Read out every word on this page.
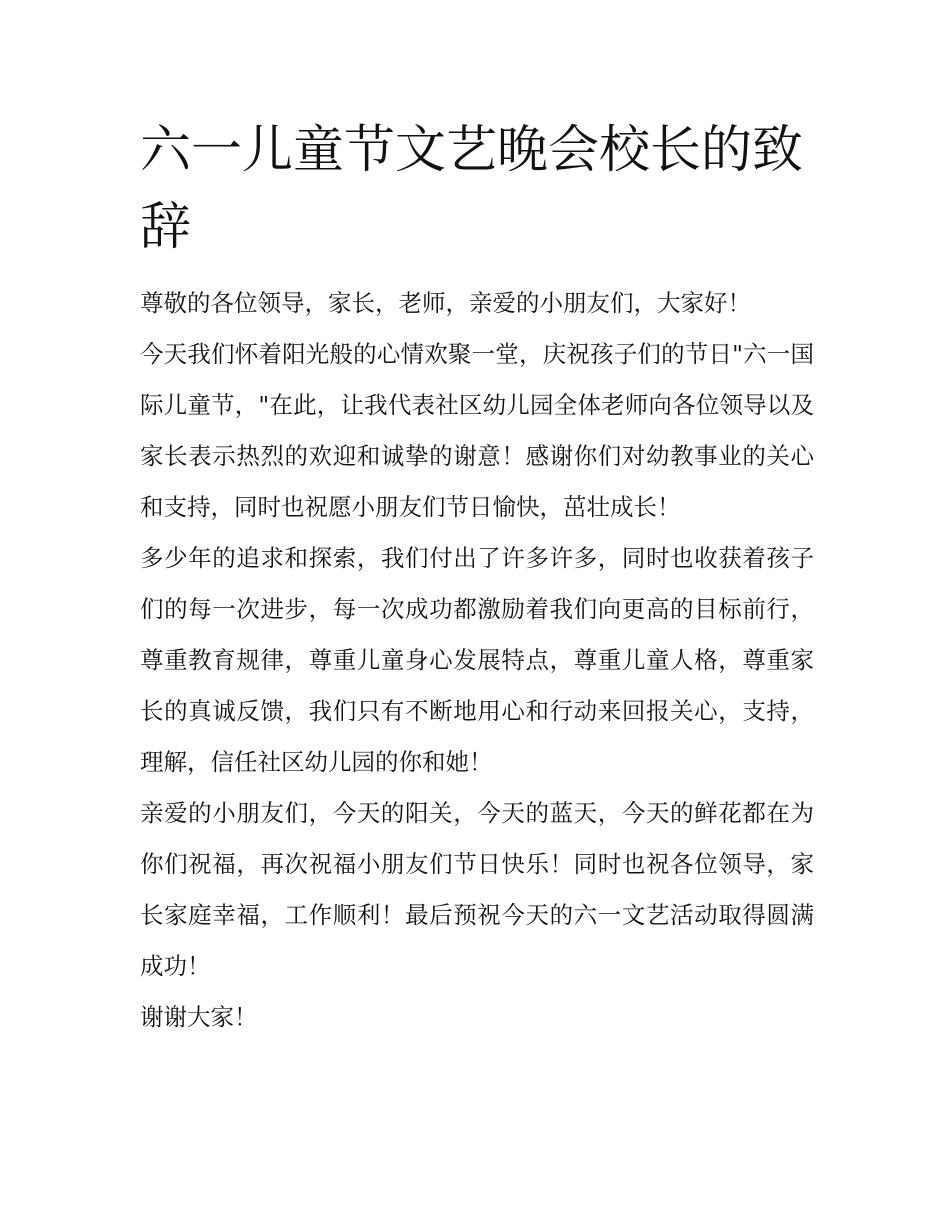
六一儿童节文艺晚会校长的致辞

尊敬的各位领导，家长，老师，亲爱的小朋友们，大家好！

今天我们怀着阳光般的心情欢聚一堂，庆祝孩子们的节日"六一国际儿童节，"在此，让我代表社区幼儿园全体老师向各位领导以及家长表示热烈的欢迎和诚挚的谢意！感谢你们对幼教事业的关心和支持，同时也祝愿小朋友们节日愉快，茁壮成长！

多少年的追求和探索，我们付出了许多许多，同时也收获着孩子们的每一次进步，每一次成功都激励着我们向更高的目标前行，尊重教育规律，尊重儿童身心发展特点，尊重儿童人格，尊重家长的真诚反馈，我们只有不断地用心和行动来回报关心，支持，理解，信任社区幼儿园的你和她！

亲爱的小朋友们，今天的阳关，今天的蓝天，今天的鲜花都在为你们祝福，再次祝福小朋友们节日快乐！同时也祝各位领导，家长家庭幸福，工作顺利！最后预祝今天的六一文艺活动取得圆满成功！

谢谢大家！
